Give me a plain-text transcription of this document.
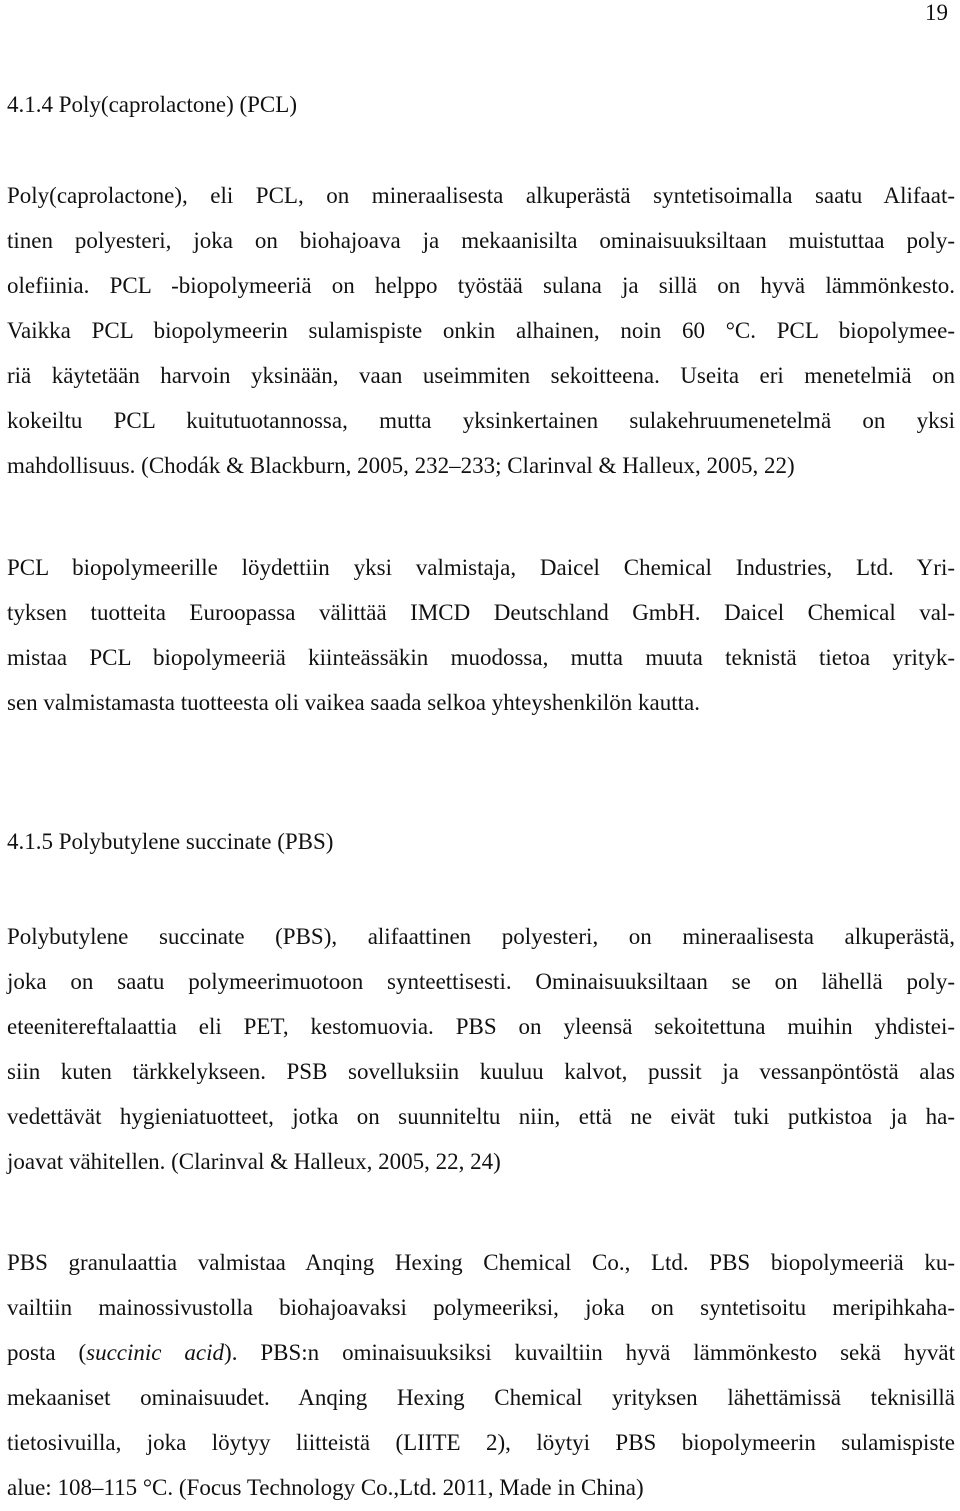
19
4.1.4 Poly(caprolactone) (PCL)
Poly(caprolactone), eli PCL, on mineraalisesta alkuperästä syntetisoimalla saatu Alifaat-
tinen polyesteri, joka on biohajoava ja mekaanisilta ominaisuuksiltaan muistuttaa poly-
olefiinia. PCL -biopolymeeriä on helppo työstää sulana ja sillä on hyvä lämmönkesto.
Vaikka PCL biopolymeerin sulamispiste onkin alhainen, noin 60 °C. PCL biopolymee-
riä käytetään harvoin yksinään, vaan useimmiten sekoitteena. Useita eri menetelmiä on
kokeiltu PCL kuitutuotannossa, mutta yksinkertainen sulakehruumenetelmä on yksi
mahdollisuus. (Chodák & Blackburn, 2005, 232–233; Clarinval & Halleux, 2005, 22)
PCL biopolymeerille löydettiin yksi valmistaja, Daicel Chemical Industries, Ltd. Yri-
tyksen tuotteita Euroopassa välittää IMCD Deutschland GmbH. Daicel Chemical val-
mistaa PCL biopolymeeriä kiinteässäkin muodossa, mutta muuta teknistä tietoa yrityk-
sen valmistamasta tuotteesta oli vaikea saada selkoa yhteyshenkilön kautta.
4.1.5 Polybutylene succinate (PBS)
Polybutylene succinate (PBS), alifaattinen polyesteri, on mineraalisesta alkuperästä,
joka on saatu polymeerimuotoon synteettisesti. Ominaisuuksiltaan se on lähellä poly-
eteenitereftalaattia eli PET, kestomuovia. PBS on yleensä sekoitettuna muihin yhdistei-
siin kuten tärkkelykseen. PSB sovelluksiin kuuluu kalvot, pussit ja vessanpöntöstä alas
vedettävät hygieniatuotteet, jotka on suunniteltu niin, että ne eivät tuki putkistoa ja ha-
joavat vähitellen. (Clarinval & Halleux, 2005, 22, 24)
PBS granulaattia valmistaa Anqing Hexing Chemical Co., Ltd. PBS biopolymeeriä ku-
vailtiin mainossivustolla biohajoavaksi polymeeriksi, joka on syntetisoitu meripihkaha-
posta (succinic acid). PBS:n ominaisuuksiksi kuvailtiin hyvä lämmönkesto sekä hyvät
mekaaniset ominaisuudet. Anqing Hexing Chemical yrityksen lähettämissä teknisillä
tietosivuilla, joka löytyy liitteistä (LIITE 2), löytyi PBS biopolymeerin sulamispiste
alue: 108–115 °C. (Focus Technology Co.,Ltd. 2011, Made in China)
